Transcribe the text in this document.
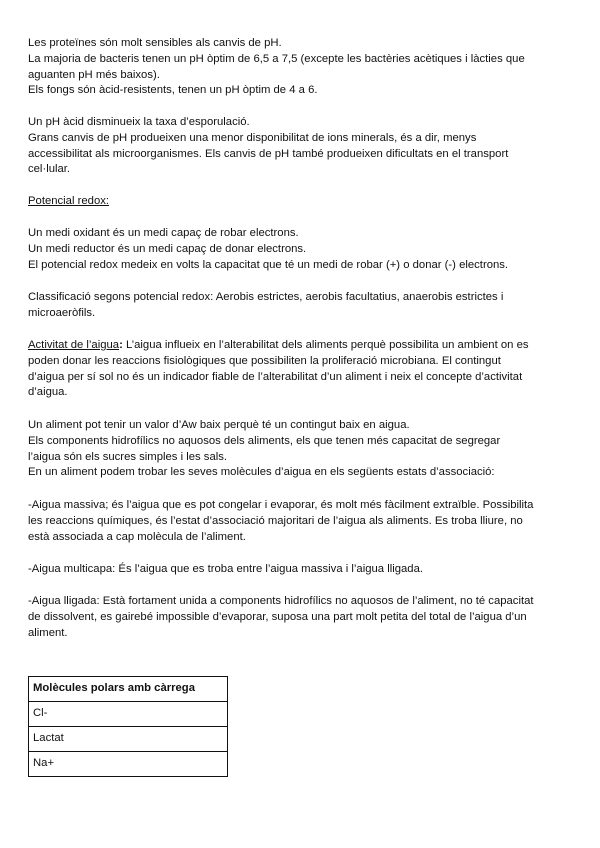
Les proteïnes són molt sensibles als canvis de pH.
La majoria de bacteris tenen un pH òptim de 6,5 a 7,5 (excepte les bactèries acètiques i làcties que
aguanten pH més baixos).
Els fongs són àcid-resistents, tenen un pH òptim de 4 a 6.

Un pH àcid disminueix la taxa d’esporulació.
Grans canvis de pH produeixen una menor disponibilitat de ions minerals, és a dir, menys
accessibilitat als microorganismes. Els canvis de pH també produeixen dificultats en el transport
cel·lular.

Potencial redox:

Un medi oxidant és un medi capaç de robar electrons.
Un medi reductor és un medi capaç de donar electrons.
El potencial redox medeix en volts la capacitat que té un medi de robar (+) o donar (-) electrons.

Classificació segons potencial redox: Aerobis estrictes, aerobis facultatius, anaerobis estrictes i
microaeròfils.

Activitat de l’aigua: L’aigua influeix en l’alterabilitat dels aliments perquè possibilita un ambient on es
poden donar les reaccions fisiològiques que possibiliten la proliferació microbiana. El contingut
d’aigua per sí sol no és un indicador fiable de l’alterabilitat d’un aliment i neix el concepte d’activitat
d’aigua.

Un aliment pot tenir un valor d’Aw baix perquè té un contingut baix en aigua.
Els components hidrofílics no aquosos dels aliments, els que tenen més capacitat de segregar
l’aigua són els sucres simples i les sals.
En un aliment podem trobar les seves molècules d’aigua en els següents estats d’associació:

-Aigua massiva; és l’aigua que es pot congelar i evaporar, és molt més fàcilment extraïble. Possibilita
les reaccions químiques, és l’estat d’associació majoritari de l’aigua als aliments. Es troba lliure, no
està associada a cap molècula de l’aliment.

-Aigua multicapa: És l’aigua que es troba entre l’aigua massiva i l’aigua lligada.

-Aigua lligada: Està fortament unida a components hidrofílics no aquosos de l’aliment, no té capacitat
de dissolvent, es gairebé impossible d’evaporar, suposa una part molt petita del total de l’aigua d’un
aliment.

Molècules polars amb càrrega
Cl-
Lactat
Na+
